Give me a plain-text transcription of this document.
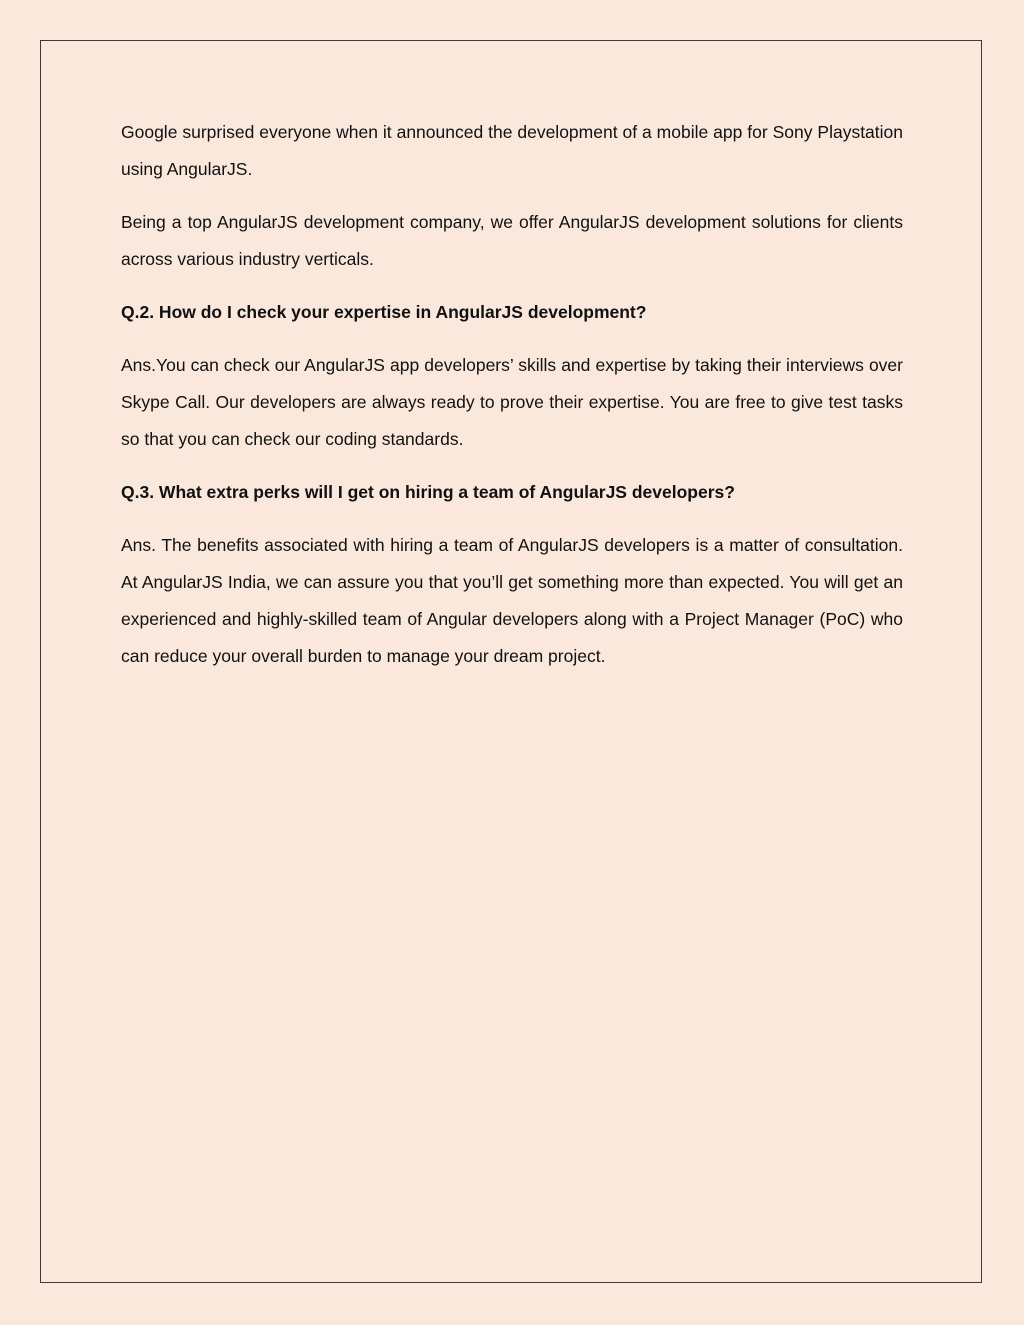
Google surprised everyone when it announced the development of a mobile app for Sony Playstation using AngularJS.

Being a top AngularJS development company, we offer AngularJS development solutions for clients across various industry verticals.

Q.2. How do I check your expertise in AngularJS development?

Ans.You can check our AngularJS app developers’ skills and expertise by taking their interviews over Skype Call. Our developers are always ready to prove their expertise. You are free to give test tasks so that you can check our coding standards.

Q.3. What extra perks will I get on hiring a team of AngularJS developers?

Ans. The benefits associated with hiring a team of AngularJS developers is a matter of consultation. At AngularJS India, we can assure you that you’ll get something more than expected. You will get an experienced and highly-skilled team of Angular developers along with a Project Manager (PoC) who can reduce your overall burden to manage your dream project.
